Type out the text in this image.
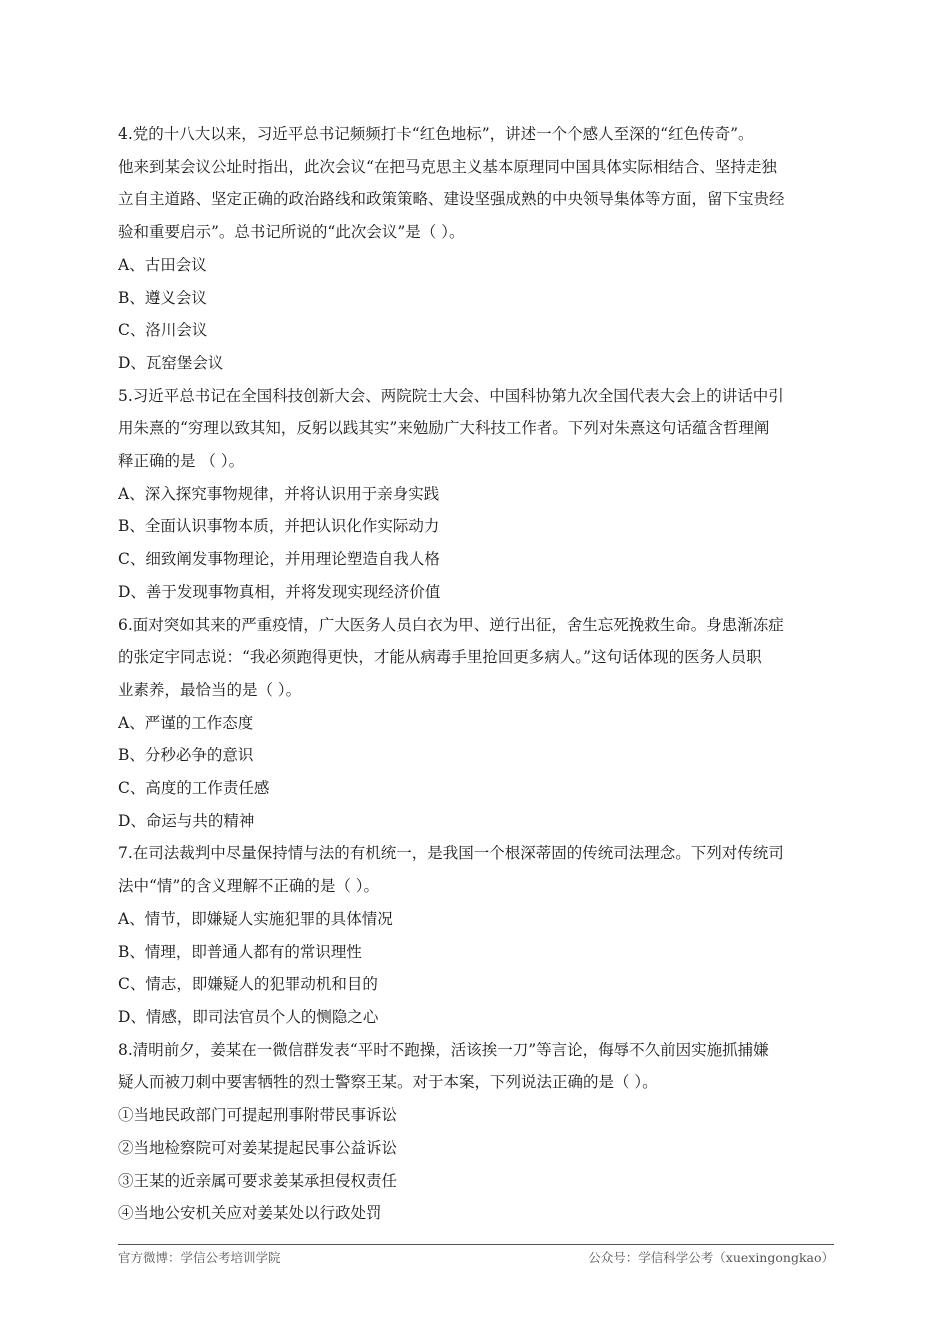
4.党的十八大以来，习近平总书记频频打卡“红色地标”，讲述一个个感人至深的“红色传奇”。
他来到某会议公址时指出，此次会议“在把马克思主义基本原理同中国具体实际相结合、坚持走独
立自主道路、坚定正确的政治路线和政策策略、建设坚强成熟的中央领导集体等方面，留下宝贵经
验和重要启示”。总书记所说的“此次会议”是（ ）。
A、古田会议
B、遵义会议
C、洛川会议
D、瓦窑堡会议
5.习近平总书记在全国科技创新大会、两院院士大会、中国科协第九次全国代表大会上的讲话中引
用朱熹的“穷理以致其知，反躬以践其实”来勉励广大科技工作者。下列对朱熹这句话蕴含哲理阐
释正确的是 （ ）。
A、深入探究事物规律，并将认识用于亲身实践
B、全面认识事物本质，并把认识化作实际动力
C、细致阐发事物理论，并用理论塑造自我人格
D、善于发现事物真相，并将发现实现经济价值
6.面对突如其来的严重疫情，广大医务人员白衣为甲、逆行出征，舍生忘死挽救生命。身患渐冻症
的张定宇同志说：“我必须跑得更快，才能从病毒手里抢回更多病人。”这句话体现的医务人员职
业素养，最恰当的是（ ）。
A、严谨的工作态度
B、分秒必争的意识
C、高度的工作责任感
D、命运与共的精神
7.在司法裁判中尽量保持情与法的有机统一，是我国一个根深蒂固的传统司法理念。下列对传统司
法中“情”的含义理解不正确的是（ ）。
A、情节，即嫌疑人实施犯罪的具体情况
B、情理，即普通人都有的常识理性
C、情志，即嫌疑人的犯罪动机和目的
D、情感，即司法官员个人的恻隐之心
8.清明前夕，姜某在一微信群发表“平时不跑操，活该挨一刀”等言论，侮辱不久前因实施抓捕嫌
疑人而被刀刺中要害牺牲的烈士警察王某。对于本案，下列说法正确的是（ ）。
①当地民政部门可提起刑事附带民事诉讼
②当地检察院可对姜某提起民事公益诉讼
③王某的近亲属可要求姜某承担侵权责任
④当地公安机关应对姜某处以行政处罚
官方微博：学信公考培训学院	公众号：学信科学公考（xuexingongkao）
